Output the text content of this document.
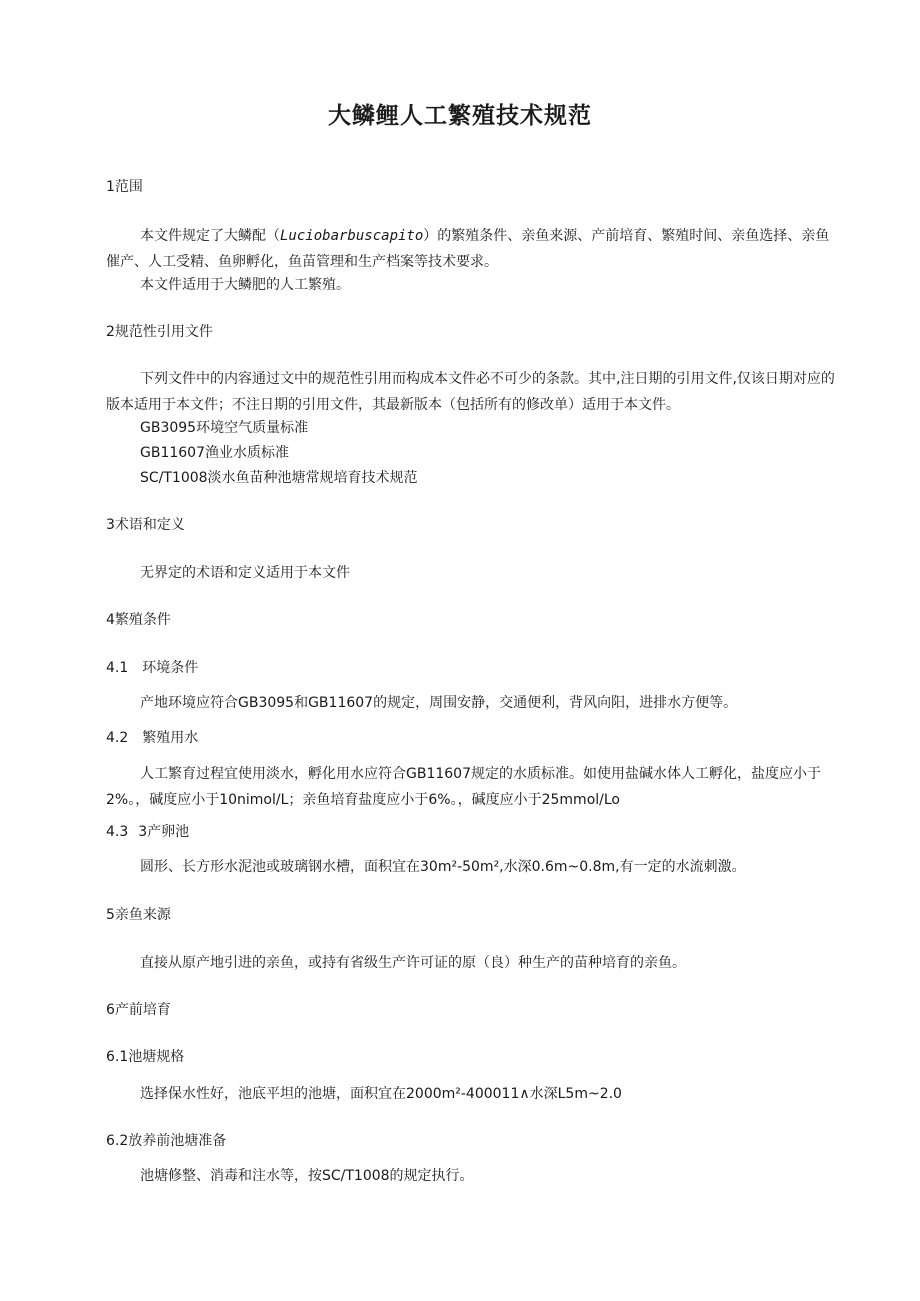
大鳞鲤人工繁殖技术规范
1范围
本文件规定了大鳞配（Luciobarbuscapito）的繁殖条件、亲鱼来源、产前培育、繁殖时间、亲鱼选择、亲鱼催产、人工受精、鱼卵孵化，鱼苗管理和生产档案等技术要求。
本文件适用于大鳞肥的人工繁殖。
2规范性引用文件
下列文件中的内容通过文中的规范性引用而构成本文件必不可少的条款。其中,注日期的引用文件,仅该日期对应的版本适用于本文件；不注日期的引用文件，其最新版本（包括所有的修改单）适用于本文件。
GB3095环境空气质量标准
GB11607渔业水质标准
SC/T1008淡水鱼苗种池塘常规培育技术规范
3术语和定义
无界定的术语和定义适用于本文件
4繁殖条件
4.1 环境条件
产地环境应符合GB3095和GB11607的规定，周围安静，交通便利，背风向阳，进排水方便等。
4.2 繁殖用水
人工繁育过程宜使用淡水，孵化用水应符合GB11607规定的水质标准。如使用盐碱水体人工孵化，盐度应小于2%。，碱度应小于10nimol/L；亲鱼培育盐度应小于6%。，碱度应小于25mmol/Lo
4.3 3产卵池
圆形、长方形水泥池或玻璃钢水槽，面积宜在30m²-50m²,水深0.6m~0.8m,有一定的水流刺激。
5亲鱼来源
直接从原产地引进的亲鱼，或持有省级生产许可证的原（良）种生产的苗种培育的亲鱼。
6产前培育
6.1池塘规格
选择保水性好，池底平坦的池塘，面积宜在2000m²-400011∧水深L5m~2.0
6.2放养前池塘准备
池塘修整、消毒和注水等，按SC/T1008的规定执行。
